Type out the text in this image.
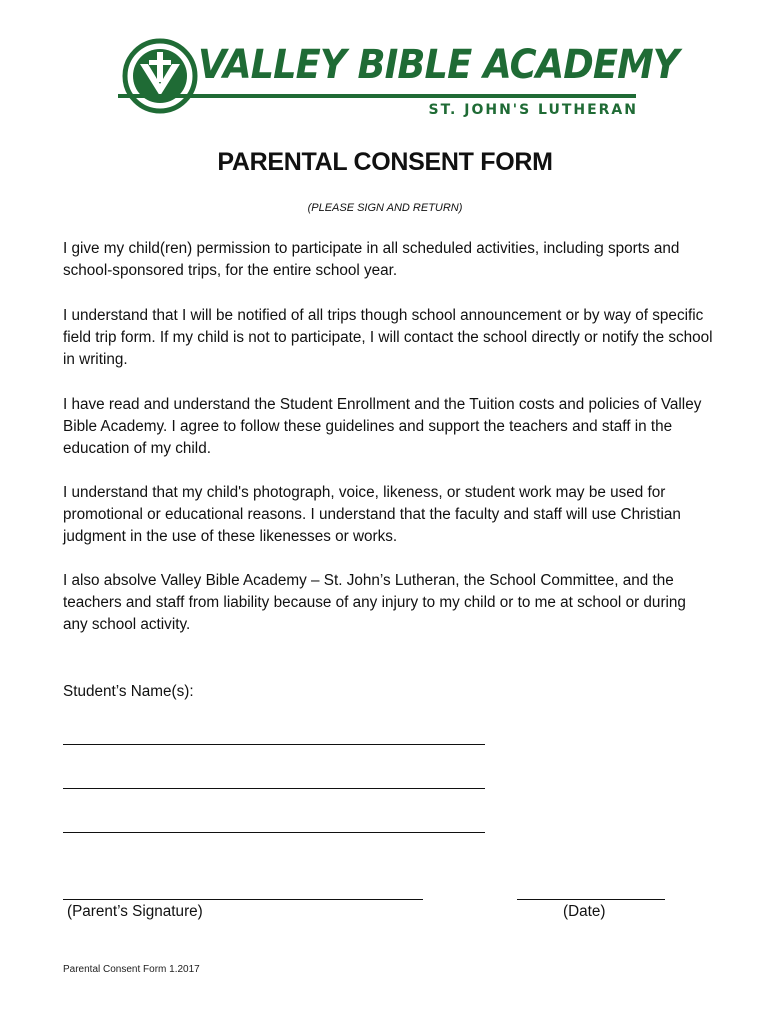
VALLEY BIBLE ACADEMY
ST. JOHN'S LUTHERAN
PARENTAL CONSENT FORM
(PLEASE SIGN AND RETURN)
I give my child(ren) permission to participate in all scheduled activities, including sports and school-sponsored trips, for the entire school year.
I understand that I will be notified of all trips though school announcement or by way of specific field trip form. If my child is not to participate, I will contact the school directly or notify the school in writing.
I have read and understand the Student Enrollment and the Tuition costs and policies of Valley Bible Academy. I agree to follow these guidelines and support the teachers and staff in the education of my child.
I understand that my child's photograph, voice, likeness, or student work may be used for promotional or educational reasons. I understand that the faculty and staff will use Christian judgment in the use of these likenesses or works.
I also absolve Valley Bible Academy – St. John’s Lutheran, the School Committee, and the teachers and staff from liability because of any injury to my child or to me at school or during any school activity.
Student’s Name(s):
(Parent’s Signature)	(Date)
Parental Consent Form 1.2017
